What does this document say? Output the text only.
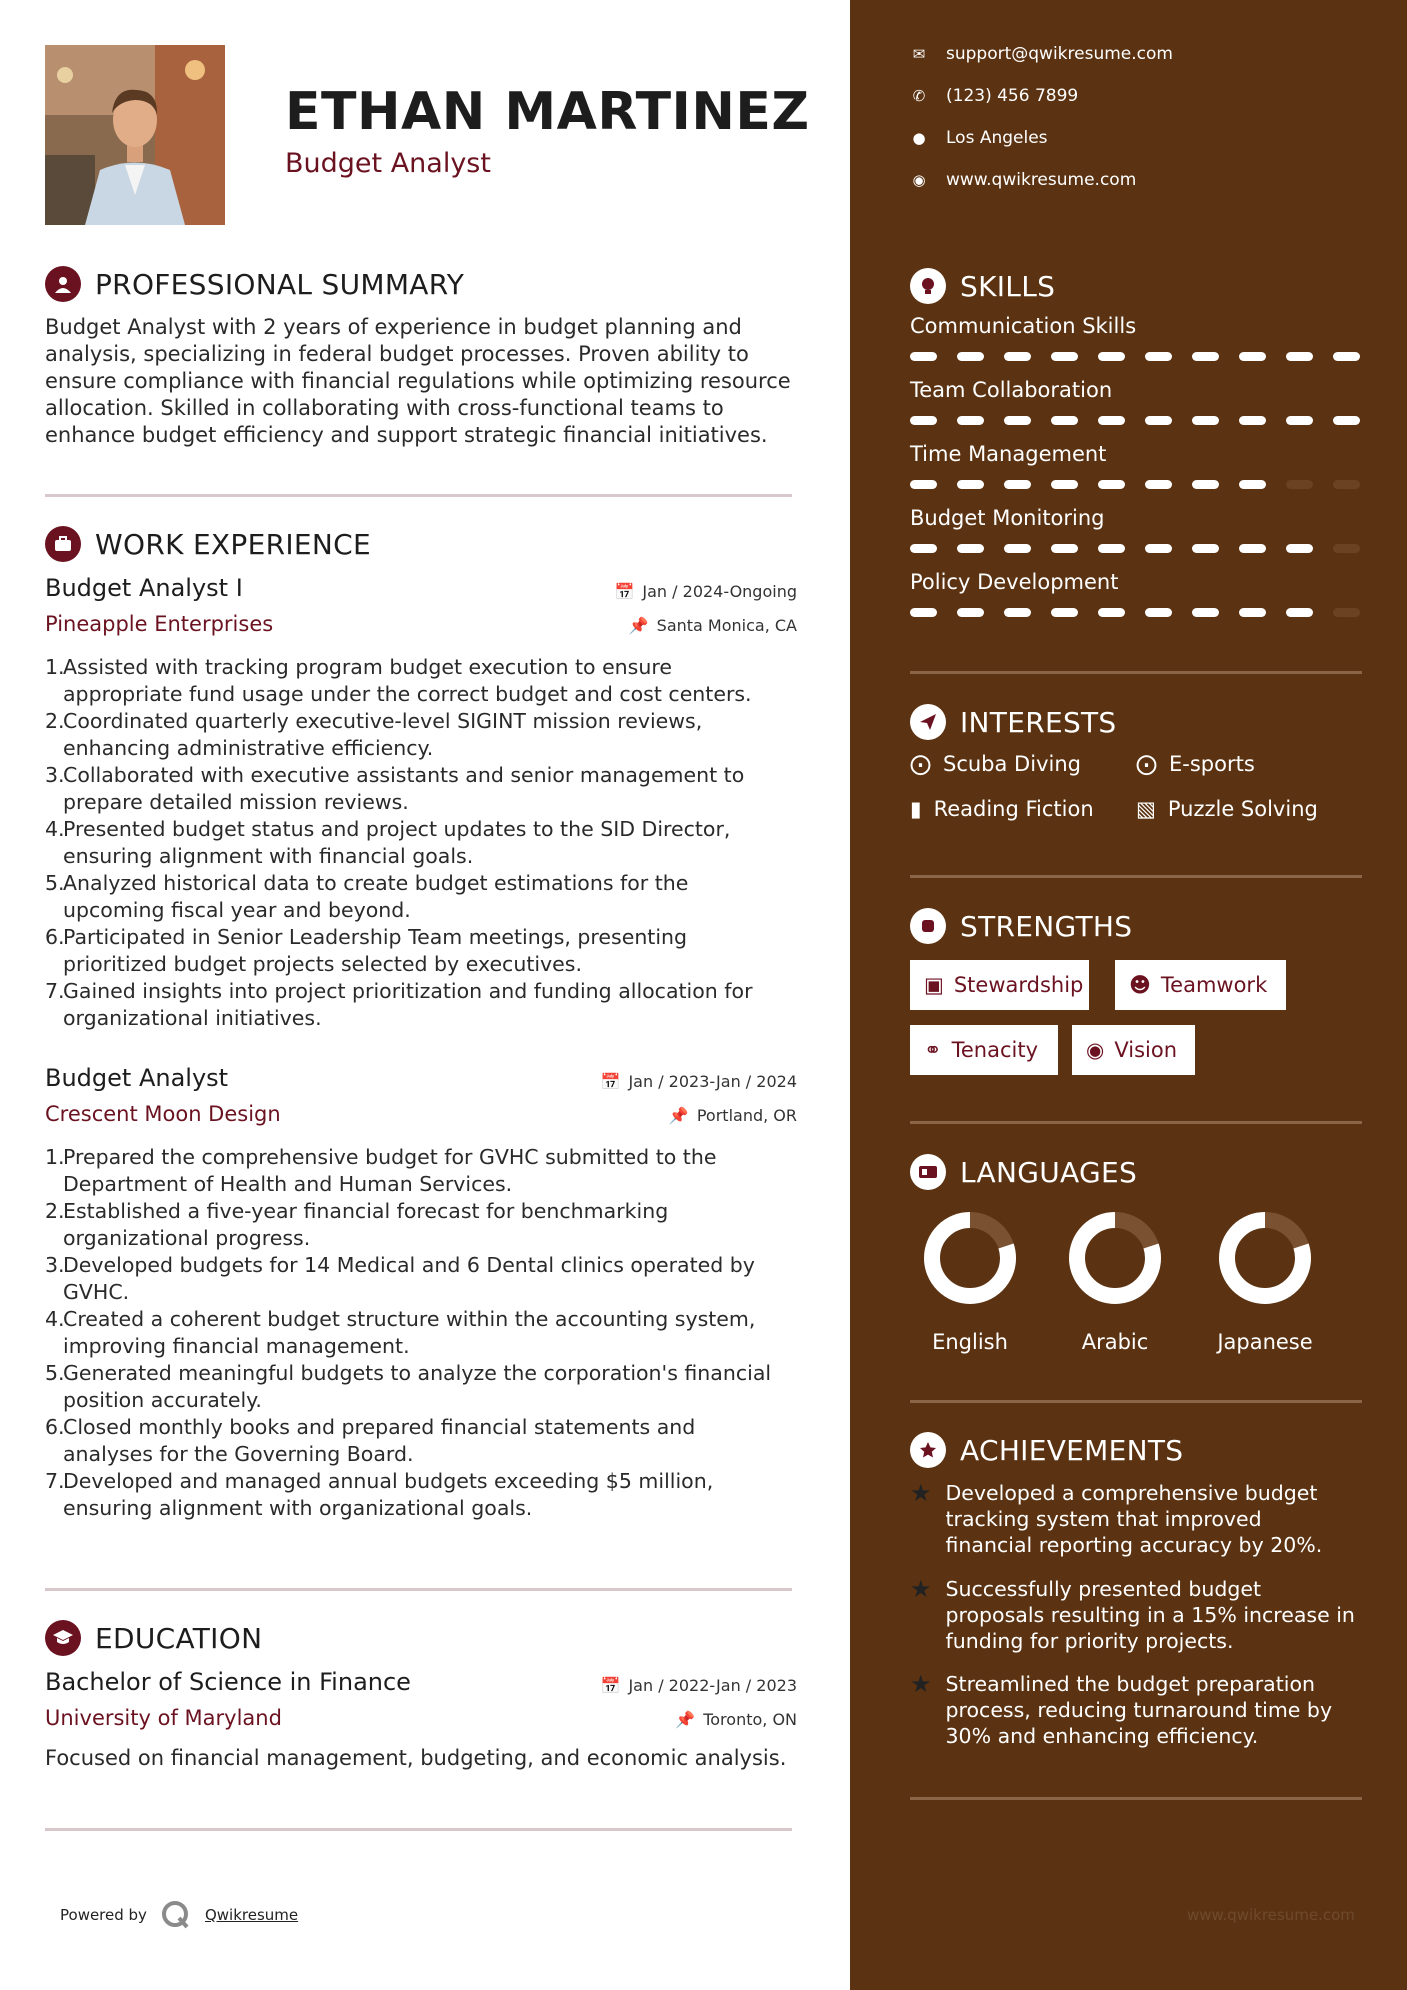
ETHAN MARTINEZ
Budget Analyst
PROFESSIONAL SUMMARY
Budget Analyst with 2 years of experience in budget planning and
analysis, specializing in federal budget processes. Proven ability to
ensure compliance with financial regulations while optimizing resource
allocation. Skilled in collaborating with cross-functional teams to
enhance budget efficiency and support strategic financial initiatives.
WORK EXPERIENCE
Budget Analyst I	📅 Jan / 2024-Ongoing
Pineapple Enterprises	📌 Santa Monica, CA
1.
Assisted with tracking program budget execution to ensure
appropriate fund usage under the correct budget and cost centers.
2.
Coordinated quarterly executive-level SIGINT mission reviews,
enhancing administrative efficiency.
3.
Collaborated with executive assistants and senior management to
prepare detailed mission reviews.
4.
Presented budget status and project updates to the SID Director,
ensuring alignment with financial goals.
5.
Analyzed historical data to create budget estimations for the
upcoming fiscal year and beyond.
6.
Participated in Senior Leadership Team meetings, presenting
prioritized budget projects selected by executives.
7.
Gained insights into project prioritization and funding allocation for
organizational initiatives.
Budget Analyst	📅 Jan / 2023-Jan / 2024
Crescent Moon Design	📌 Portland, OR
1.
Prepared the comprehensive budget for GVHC submitted to the
Department of Health and Human Services.
2.
Established a five-year financial forecast for benchmarking
organizational progress.
3.
Developed budgets for 14 Medical and 6 Dental clinics operated by
GVHC.
4.
Created a coherent budget structure within the accounting system,
improving financial management.
5.
Generated meaningful budgets to analyze the corporation's financial
position accurately.
6.
Closed monthly books and prepared financial statements and
analyses for the Governing Board.
7.
Developed and managed annual budgets exceeding $5 million,
ensuring alignment with organizational goals.
EDUCATION
Bachelor of Science in Finance	📅 Jan / 2022-Jan / 2023
University of Maryland	📌 Toronto, ON
Focused on financial management, budgeting, and economic analysis.
Powered by	Qwikresume
✉ support@qwikresume.com
✆ (123) 456 7899
● Los Angeles
◉ www.qwikresume.com
SKILLS
Communication Skills
Team Collaboration
Time Management
Budget Monitoring
Policy Development
INTERESTS
⨀ Scuba Diving	⨀ E-sports
▮ Reading Fiction ▧ Puzzle Solving
STRENGTHS
▣ Stewardship ☻ Teamwork
⚭ Tenacity ◉ Vision
LANGUAGES
English	Arabic	Japanese
ACHIEVEMENTS
★ Developed a comprehensive budget
tracking system that improved
financial reporting accuracy by 20%.
★ Successfully presented budget
proposals resulting in a 15% increase in
funding for priority projects.
★ Streamlined the budget preparation
process, reducing turnaround time by
30% and enhancing efficiency.
www.qwikresume.com
